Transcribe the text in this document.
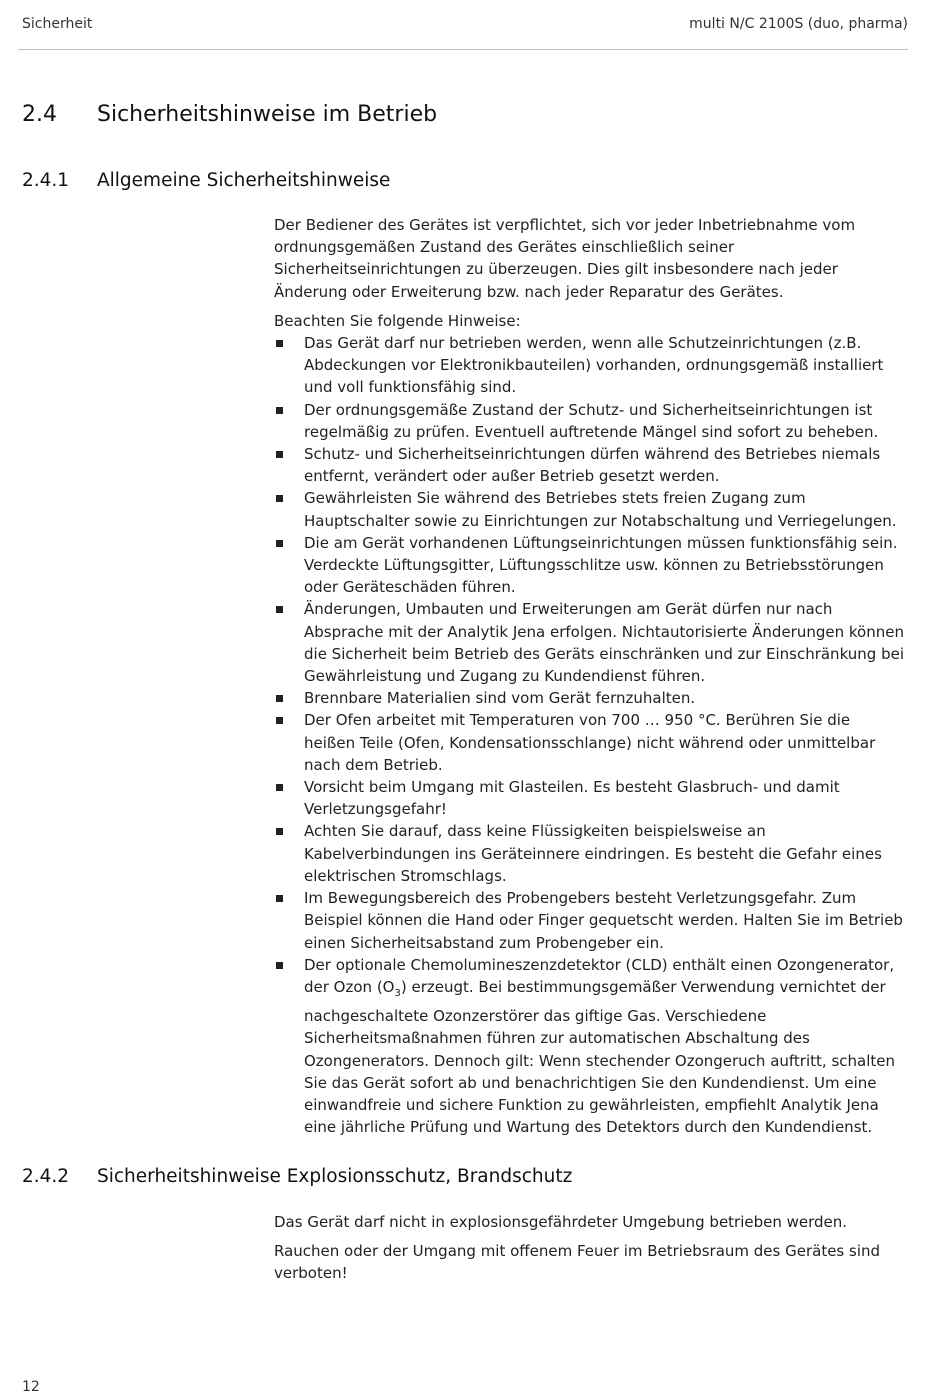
Sicherheit	multi N/C 2100S (duo, pharma)
2.4 Sicherheitshinweise im Betrieb
2.4.1 Allgemeine Sicherheitshinweise

Der Bediener des Gerätes ist verpflichtet, sich vor jeder Inbetriebnahme vom ordnungsgemäßen Zustand des Gerätes einschließlich seiner Sicherheitseinrichtungen zu überzeugen. Dies gilt insbesondere nach jeder Änderung oder Erweiterung bzw. nach jeder Reparatur des Gerätes.

Beachten Sie folgende Hinweise:

Das Gerät darf nur betrieben werden, wenn alle Schutzeinrichtungen (z.B. Abdeckungen vor Elektronikbauteilen) vorhanden, ordnungsgemäß installiert und voll funktionsfähig sind.
Der ordnungsgemäße Zustand der Schutz- und Sicherheitseinrichtungen ist regelmäßig zu prüfen. Eventuell auftretende Mängel sind sofort zu beheben.
Schutz- und Sicherheitseinrichtungen dürfen während des Betriebes niemals entfernt, verändert oder außer Betrieb gesetzt werden.
Gewährleisten Sie während des Betriebes stets freien Zugang zum Hauptschalter sowie zu Einrichtungen zur Notabschaltung und Verriegelungen.
Die am Gerät vorhandenen Lüftungseinrichtungen müssen funktionsfähig sein. Verdeckte Lüftungsgitter, Lüftungsschlitze usw. können zu Betriebsstörungen oder Geräteschäden führen.
Änderungen, Umbauten und Erweiterungen am Gerät dürfen nur nach Absprache mit der Analytik Jena erfolgen. Nichtautorisierte Änderungen können die Sicherheit beim Betrieb des Geräts einschränken und zur Einschränkung bei Gewährleistung und Zugang zu Kundendienst führen.
Brennbare Materialien sind vom Gerät fernzuhalten.
Der Ofen arbeitet mit Temperaturen von 700 … 950 °C. Berühren Sie die heißen Teile (Ofen, Kondensationsschlange) nicht während oder unmittelbar nach dem Betrieb.
Vorsicht beim Umgang mit Glasteilen. Es besteht Glasbruch- und damit Verletzungsgefahr!
Achten Sie darauf, dass keine Flüssigkeiten beispielsweise an Kabelverbindungen ins Geräteinnere eindringen. Es besteht die Gefahr eines elektrischen Stromschlags.
Im Bewegungsbereich des Probengebers besteht Verletzungsgefahr. Zum Beispiel können die Hand oder Finger gequetscht werden. Halten Sie im Betrieb einen Sicherheitsabstand zum Probengeber ein.
Der optionale Chemolumineszenzdetektor (CLD) enthält einen Ozongenerator, der Ozon $(O_3)$ erzeugt. Bei bestimmungsgemäßer Verwendung vernichtet der nachgeschaltete Ozonzerstörer das giftige Gas. Verschiedene Sicherheitsmaßnahmen führen zur automatischen Abschaltung des Ozongenerators. Dennoch gilt: Wenn stechender Ozongeruch auftritt, schalten Sie das Gerät sofort ab und benachrichtigen Sie den Kundendienst. Um eine einwandfreie und sichere Funktion zu gewährleisten, empfiehlt Analytik Jena eine jährliche Prüfung und Wartung des Detektors durch den Kundendienst.
2.4.2 Sicherheitshinweise Explosionsschutz, Brandschutz

Das Gerät darf nicht in explosionsgefährdeter Umgebung betrieben werden.

Rauchen oder der Umgang mit offenem Feuer im Betriebsraum des Gerätes sind verboten!

12
